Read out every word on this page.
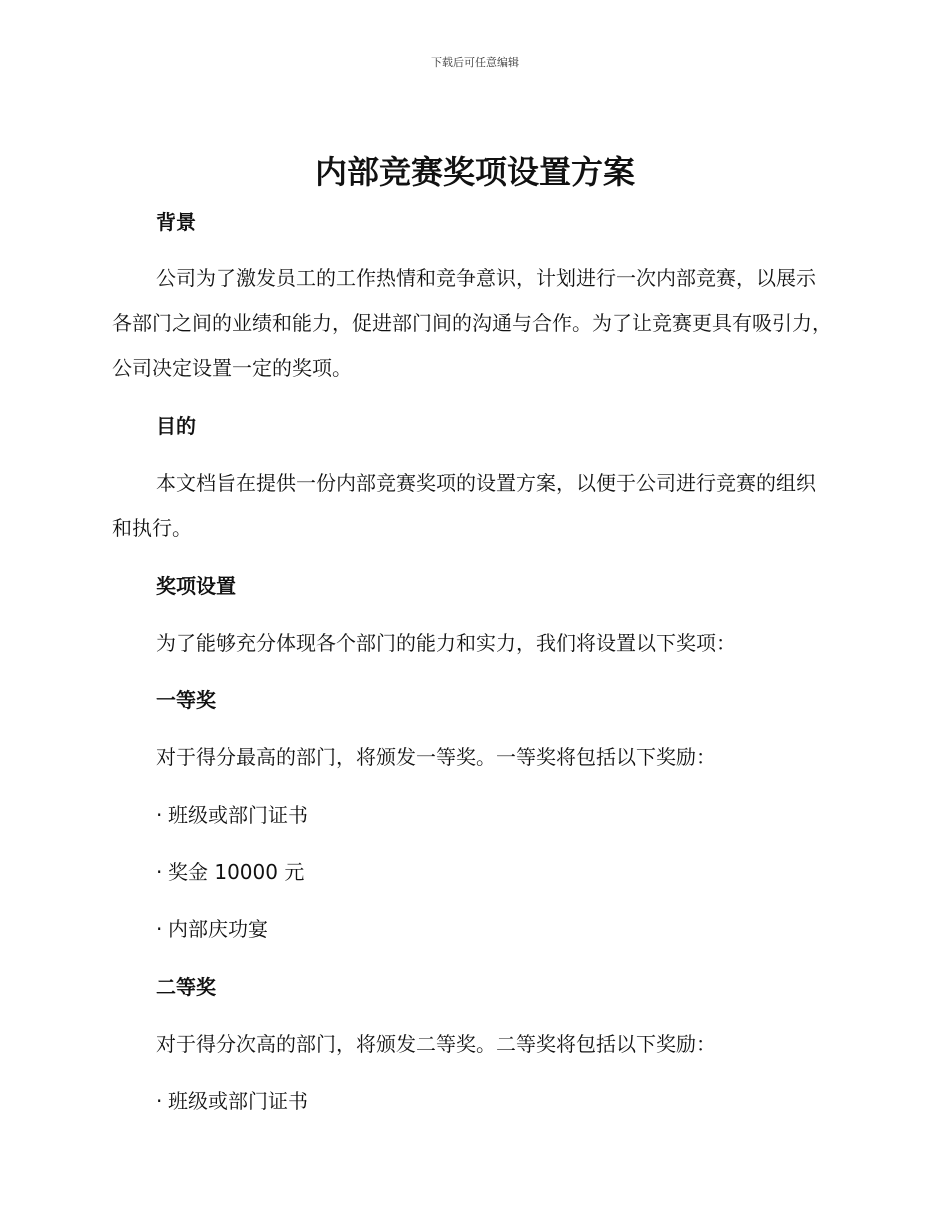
下载后可任意编辑
内部竞赛奖项设置方案
背景

公司为了激发员工的工作热情和竞争意识，计划进行一次内部竞赛，以展示各部门之间的业绩和能力，促进部门间的沟通与合作。为了让竞赛更具有吸引力，公司决定设置一定的奖项。

目的

本文档旨在提供一份内部竞赛奖项的设置方案，以便于公司进行竞赛的组织和执行。

奖项设置

为了能够充分体现各个部门的能力和实力，我们将设置以下奖项：

一等奖

对于得分最高的部门，将颁发一等奖。一等奖将包括以下奖励：

· 班级或部门证书
· 奖金 10000 元
· 内部庆功宴
二等奖

对于得分次高的部门，将颁发二等奖。二等奖将包括以下奖励：

· 班级或部门证书
